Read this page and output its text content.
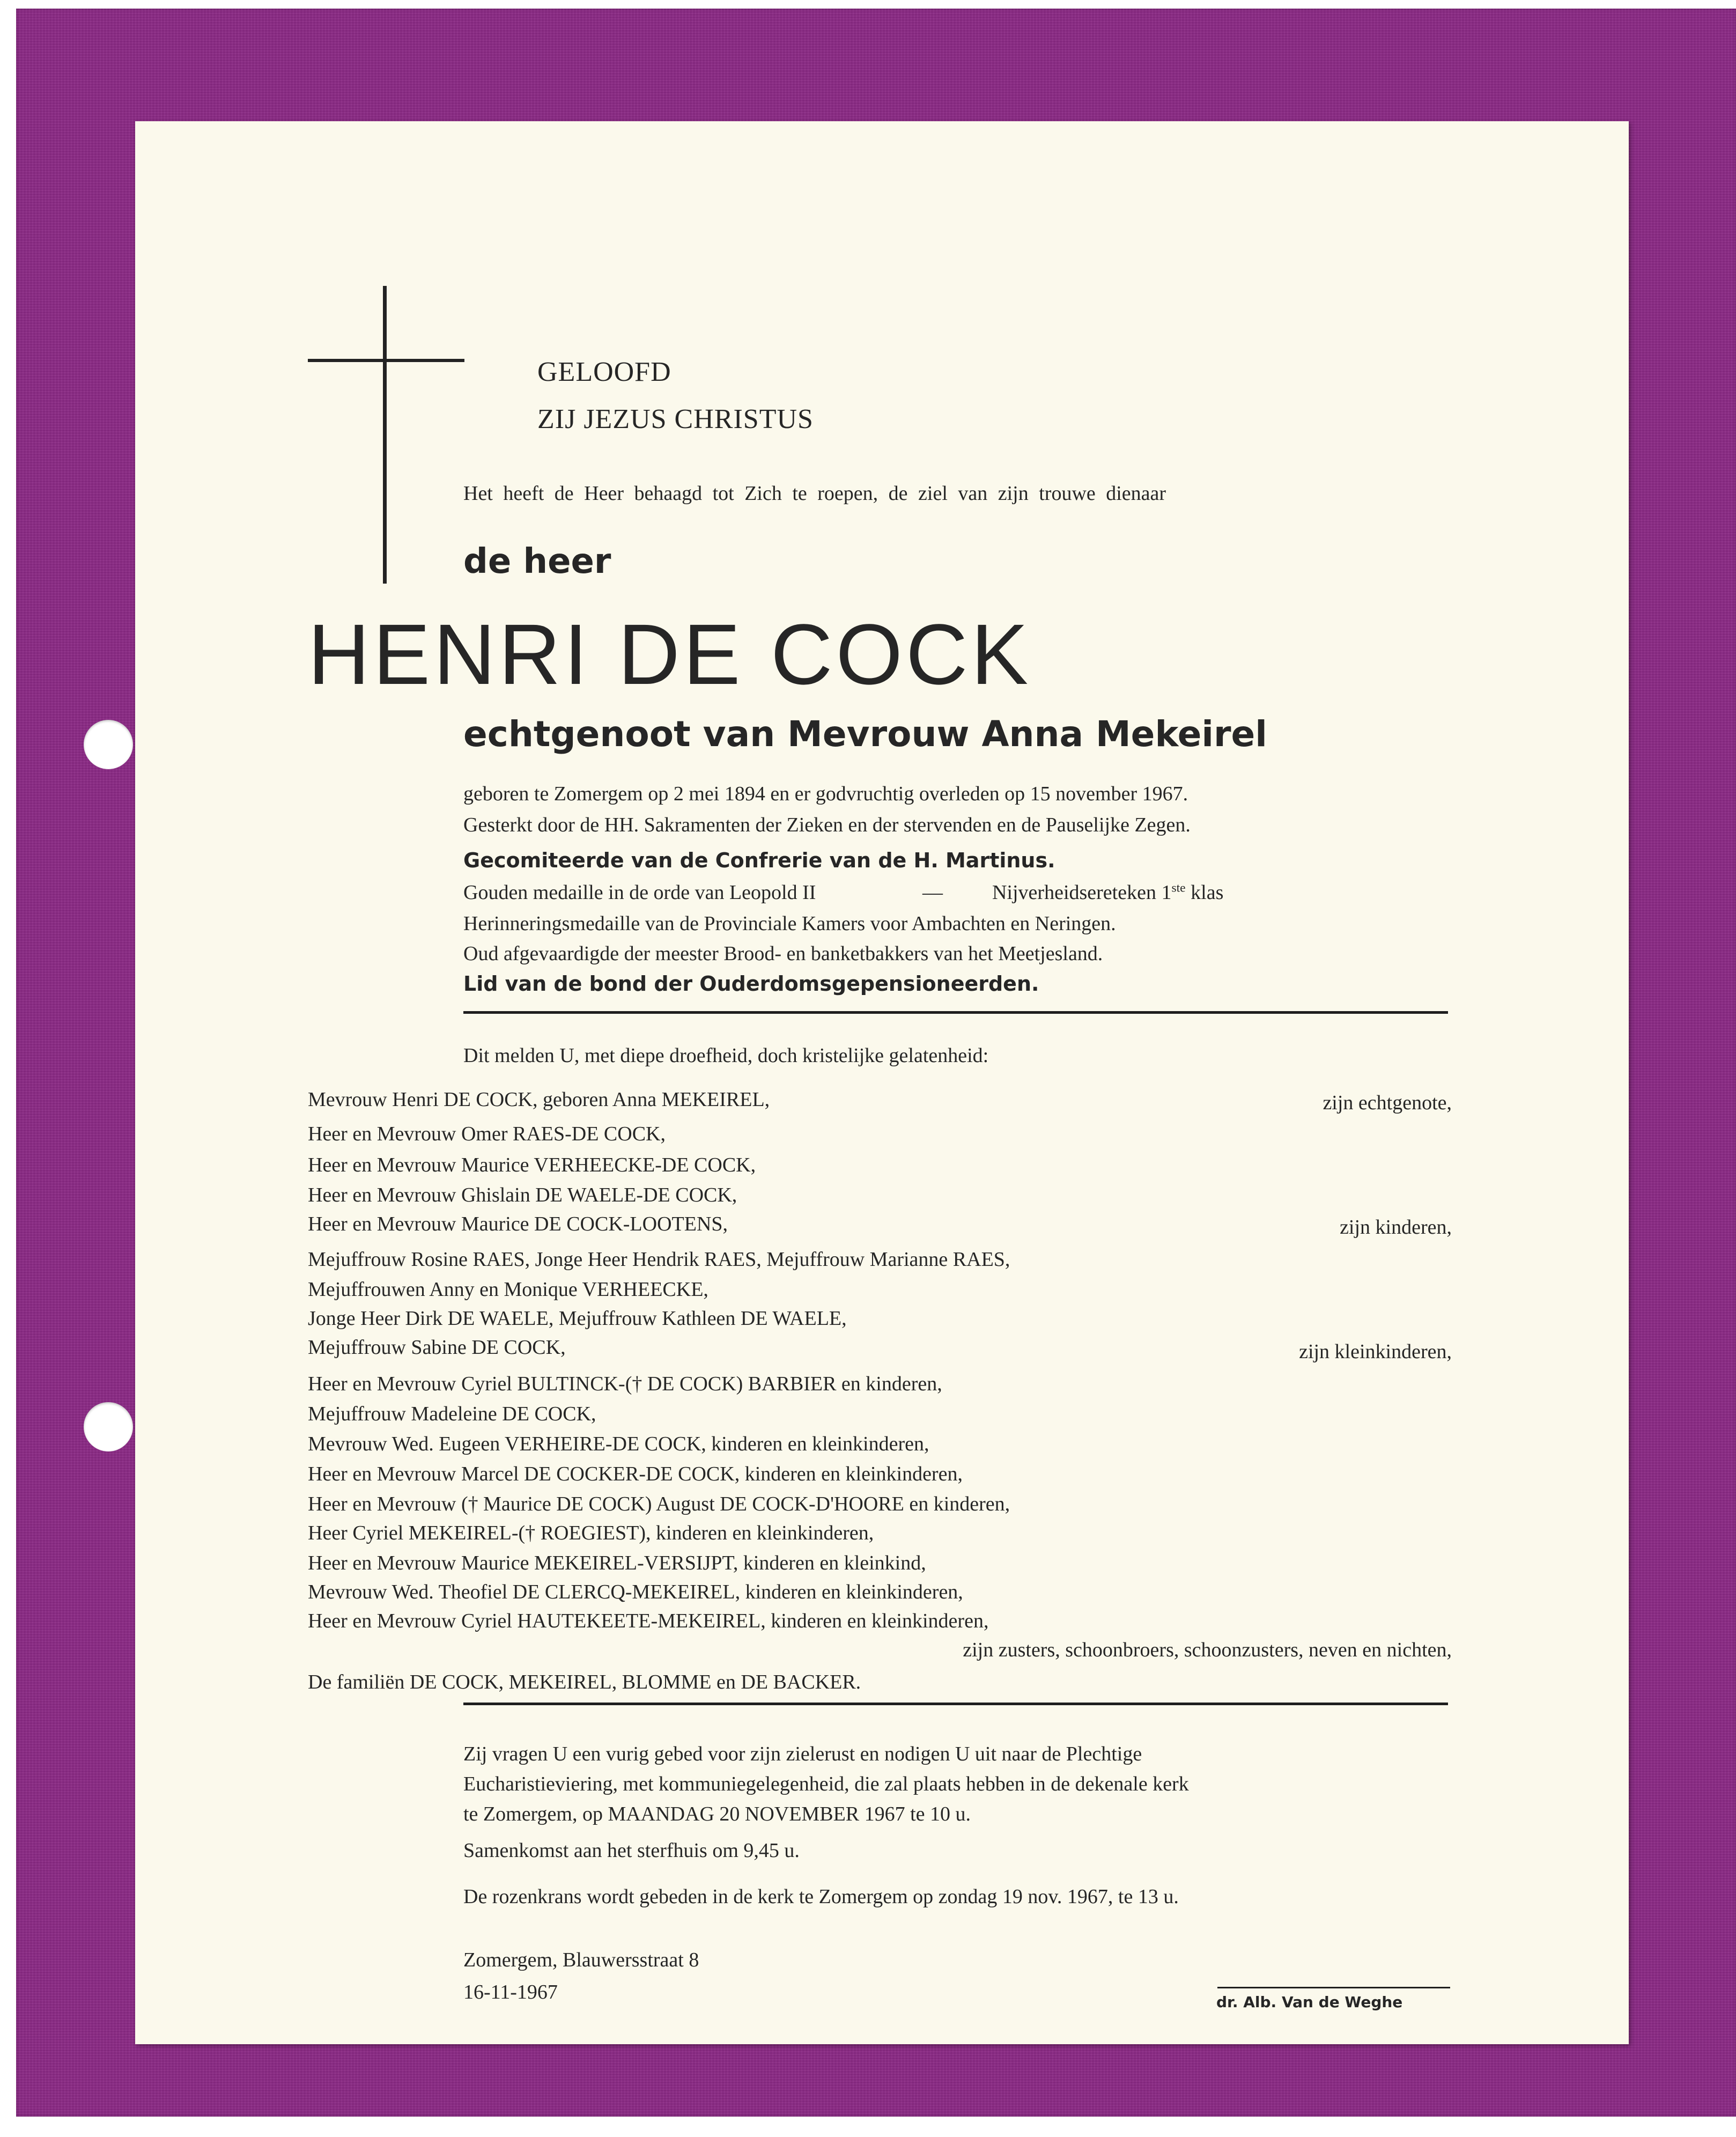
GELOOFD

ZIJ JEZUS CHRISTUS

Het heeft de Heer behaagd tot Zich te roepen, de ziel van zijn trouwe dienaar

de heer

HENRI DE COCK

echtgenoot van Mevrouw Anna Mekeirel

geboren te Zomergem op 2 mei 1894 en er godvruchtig overleden op 15 november 1967.

Gesterkt door de HH. Sakramenten der Zieken en der stervenden en de Pauselijke Zegen.

Gecomiteerde van de Confrerie van de H. Martinus.

Gouden medaille in de orde van Leopold II	— Nijverheidsereteken 1ste klas

Herinneringsmedaille van de Provinciale Kamers voor Ambachten en Neringen.

Oud afgevaardigde der meester Brood- en banketbakkers van het Meetjesland.

Lid van de bond der Ouderdomsgepensioneerden.

Dit melden U, met diepe droefheid, doch kristelijke gelatenheid:

Mevrouw Henri DE COCK, geboren Anna MEKEIREL,	zijn echtgenote,

Heer en Mevrouw Omer RAES-DE COCK,

Heer en Mevrouw Maurice VERHEECKE-DE COCK,

Heer en Mevrouw Ghislain DE WAELE-DE COCK,

Heer en Mevrouw Maurice DE COCK-LOOTENS,	zijn kinderen,

Mejuffrouw Rosine RAES, Jonge Heer Hendrik RAES, Mejuffrouw Marianne RAES,

Mejuffrouwen Anny en Monique VERHEECKE,

Jonge Heer Dirk DE WAELE, Mejuffrouw Kathleen DE WAELE,

Mejuffrouw Sabine DE COCK,	zijn kleinkinderen,

Heer en Mevrouw Cyriel BULTINCK-(† DE COCK) BARBIER en kinderen,

Mejuffrouw Madeleine DE COCK,

Mevrouw Wed. Eugeen VERHEIRE-DE COCK, kinderen en kleinkinderen,

Heer en Mevrouw Marcel DE COCKER-DE COCK, kinderen en kleinkinderen,

Heer en Mevrouw († Maurice DE COCK) August DE COCK-D'HOORE en kinderen,

Heer Cyriel MEKEIREL-(† ROEGIEST), kinderen en kleinkinderen,

Heer en Mevrouw Maurice MEKEIREL-VERSIJPT, kinderen en kleinkind,

Mevrouw Wed. Theofiel DE CLERCQ-MEKEIREL, kinderen en kleinkinderen,

Heer en Mevrouw Cyriel HAUTEKEETE-MEKEIREL, kinderen en kleinkinderen,

zijn zusters, schoonbroers, schoonzusters, neven en nichten,

De familiën DE COCK, MEKEIREL, BLOMME en DE BACKER.

Zij vragen U een vurig gebed voor zijn zielerust en nodigen U uit naar de Plechtige

Eucharistieviering, met kommuniegelegenheid, die zal plaats hebben in de dekenale kerk

te Zomergem, op MAANDAG 20 NOVEMBER 1967 te 10 u.

Samenkomst aan het sterfhuis om 9,45 u.

De rozenkrans wordt gebeden in de kerk te Zomergem op zondag 19 nov. 1967, te 13 u.

Zomergem, Blauwersstraat 8

16-11-1967	dr. Alb. Van de Weghe
